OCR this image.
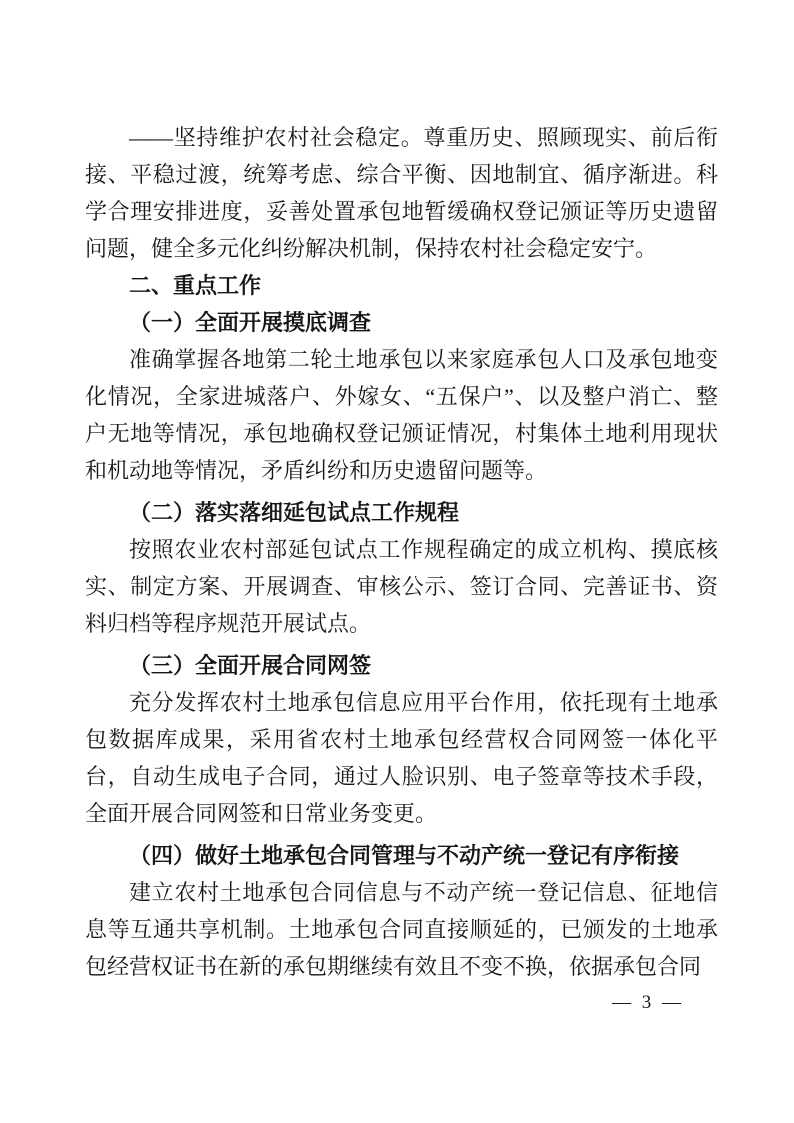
——坚持维护农村社会稳定。尊重历史、照顾现实、前后衔接、平稳过渡，统筹考虑、综合平衡、因地制宜、循序渐进。科学合理安排进度，妥善处置承包地暂缓确权登记颁证等历史遗留问题，健全多元化纠纷解决机制，保持农村社会稳定安宁。

二、重点工作
（一）全面开展摸底调查

准确掌握各地第二轮土地承包以来家庭承包人口及承包地变化情况，全家进城落户、外嫁女、“五保户”、以及整户消亡、整户无地等情况，承包地确权登记颁证情况，村集体土地利用现状和机动地等情况，矛盾纠纷和历史遗留问题等。

（二）落实落细延包试点工作规程

按照农业农村部延包试点工作规程确定的成立机构、摸底核实、制定方案、开展调查、审核公示、签订合同、完善证书、资料归档等程序规范开展试点。

（三）全面开展合同网签

充分发挥农村土地承包信息应用平台作用，依托现有土地承包数据库成果，采用省农村土地承包经营权合同网签一体化平台，自动生成电子合同，通过人脸识别、电子签章等技术手段，全面开展合同网签和日常业务变更。

（四）做好土地承包合同管理与不动产统一登记有序衔接

建立农村土地承包合同信息与不动产统一登记信息、征地信息等互通共享机制。土地承包合同直接顺延的，已颁发的土地承包经营权证书在新的承包期继续有效且不变不换，依据承包合同

— 3 —
